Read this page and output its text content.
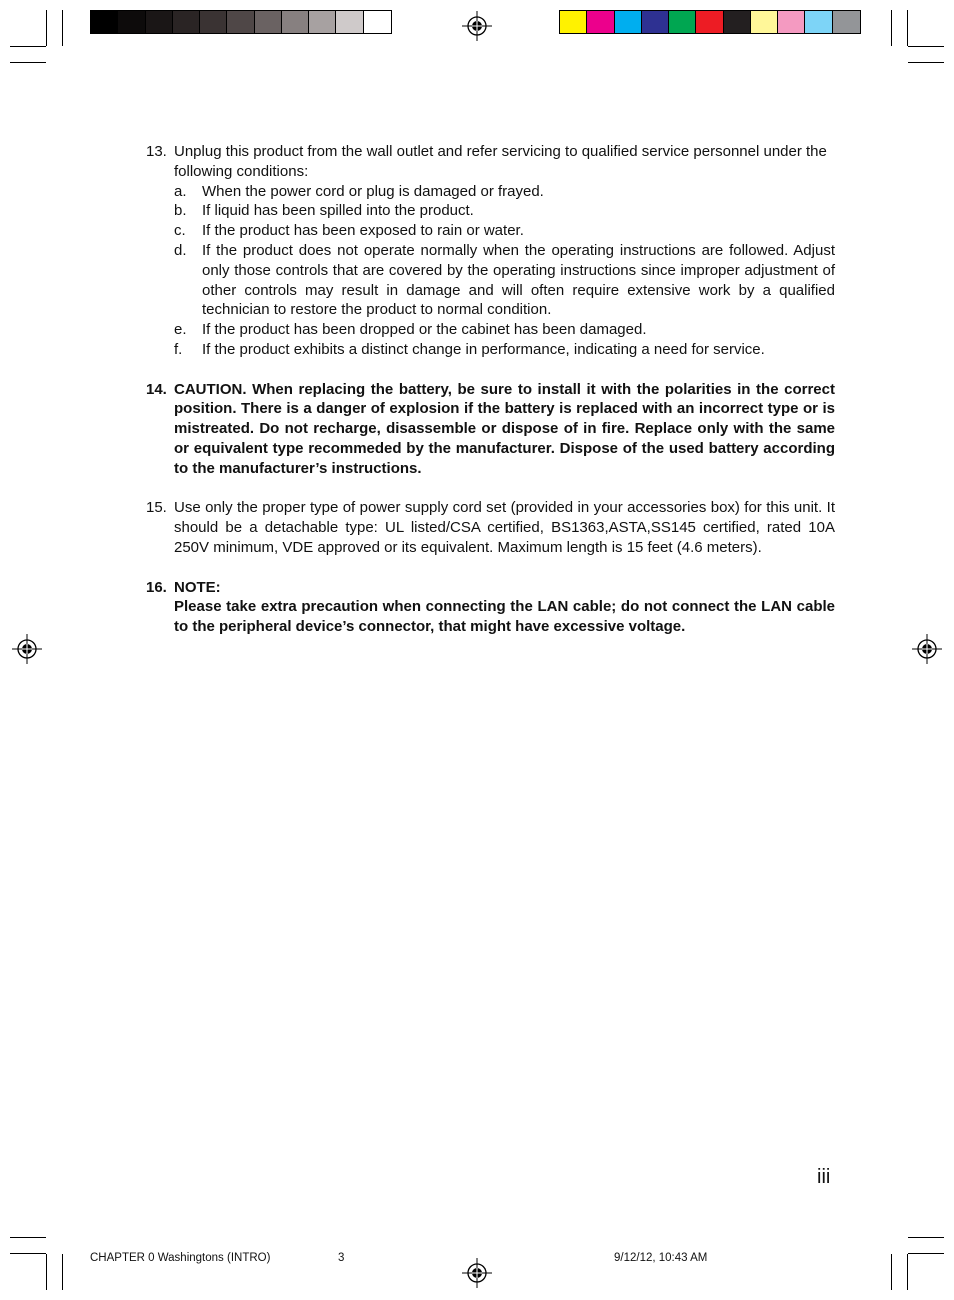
13. Unplug this product from the wall outlet and refer servicing to qualified service personnel under the following conditions:
a.	When the power cord or plug is damaged or frayed.
b.	If liquid has been spilled into the product.
c.	If the product has been exposed to rain or water.
d.	If the product does not operate normally when the operating instructions are followed. Adjust only those controls that are covered by the operating instructions since improper adjustment of other controls may result in damage and will often require extensive work by a qualified technician to restore the product to normal condition.
e.	If the product has been dropped or the cabinet has been damaged.
f.	If the product exhibits a distinct change in performance, indicating a need for service.
14. CAUTION. When replacing the battery, be sure to install it with the polarities in the correct position. There is a danger of explosion if the battery is replaced with an incorrect type or is mistreated. Do not recharge, disassemble or dispose of in fire. Replace only with the same or equivalent type recommeded by the manufacturer. Dispose of the used battery according to the manufacturer’s instructions.
15. Use only the proper type of power supply cord set (provided in your accessories box) for this unit. It should be a detachable type: UL listed/CSA certified, BS1363,ASTA,SS145 certified, rated 10A 250V minimum, VDE approved or its equivalent. Maximum length is 15 feet (4.6 meters).
16. NOTE:
Please take extra precaution when connecting the LAN cable; do not connect the LAN cable to the peripheral device’s connector, that might have excessive voltage.
iii
CHAPTER 0 Washingtons (INTRO)	3	9/12/12, 10:43 AM
